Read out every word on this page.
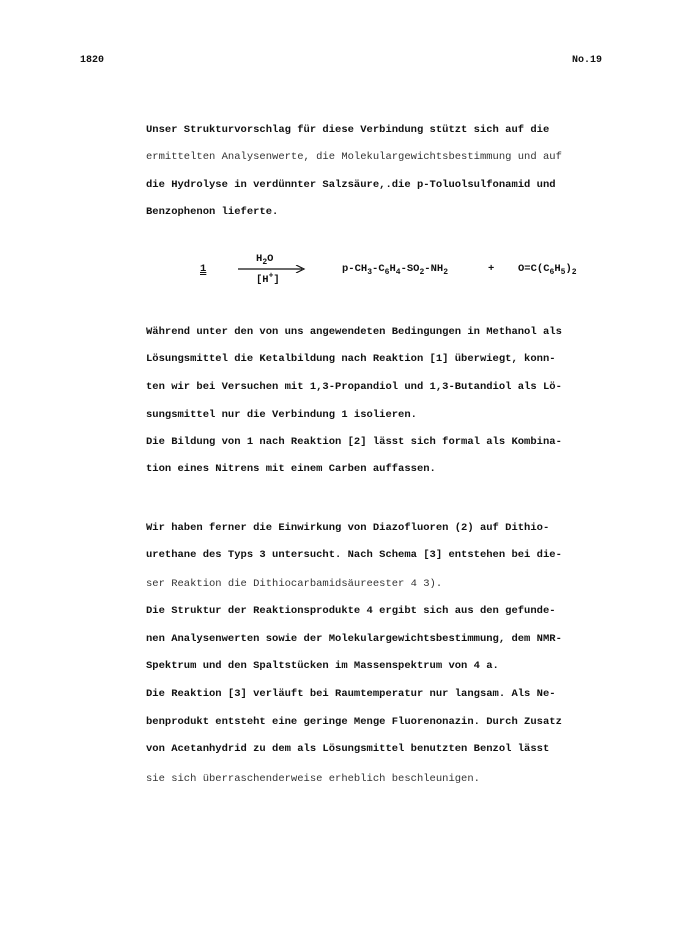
1820	No.19
Unser Strukturvorschlag für diese Verbindung stützt sich auf die
ermittelten Analysenwerte, die Molekulargewichtsbestimmung und auf
die Hydrolyse in verdünnter Salzsäure,.die p-Toluolsulfonamid und
Benzophenon lieferte.
1
$H_2O$
[H+]
$p-CH_3-C_6H_4-SO_2-NH_2$	+ $O=C(C_6H_5)_2$
Während unter den von uns angewendeten Bedingungen in Methanol als
Lösungsmittel die Ketalbildung nach Reaktion [1] überwiegt, konn-
ten wir bei Versuchen mit 1,3-Propandiol und 1,3-Butandiol als Lö-
sungsmittel nur die Verbindung 1 isolieren.
Die Bildung von 1 nach Reaktion [2] lässt sich formal als Kombina-
tion eines Nitrens mit einem Carben auffassen.
Wir haben ferner die Einwirkung von Diazofluoren (2) auf Dithio-
urethane des Typs 3 untersucht. Nach Schema [3] entstehen bei die-
ser Reaktion die Dithiocarbamidsäureester 4 3).
Die Struktur der Reaktionsprodukte 4 ergibt sich aus den gefunde-
nen Analysenwerten sowie der Molekulargewichtsbestimmung, dem NMR-
Spektrum und den Spaltstücken im Massenspektrum von 4 a.
Die Reaktion [3] verläuft bei Raumtemperatur nur langsam. Als Ne-
benprodukt entsteht eine geringe Menge Fluorenonazin. Durch Zusatz
von Acetanhydrid zu dem als Lösungsmittel benutzten Benzol lässt
sie sich überraschenderweise erheblich beschleunigen.
